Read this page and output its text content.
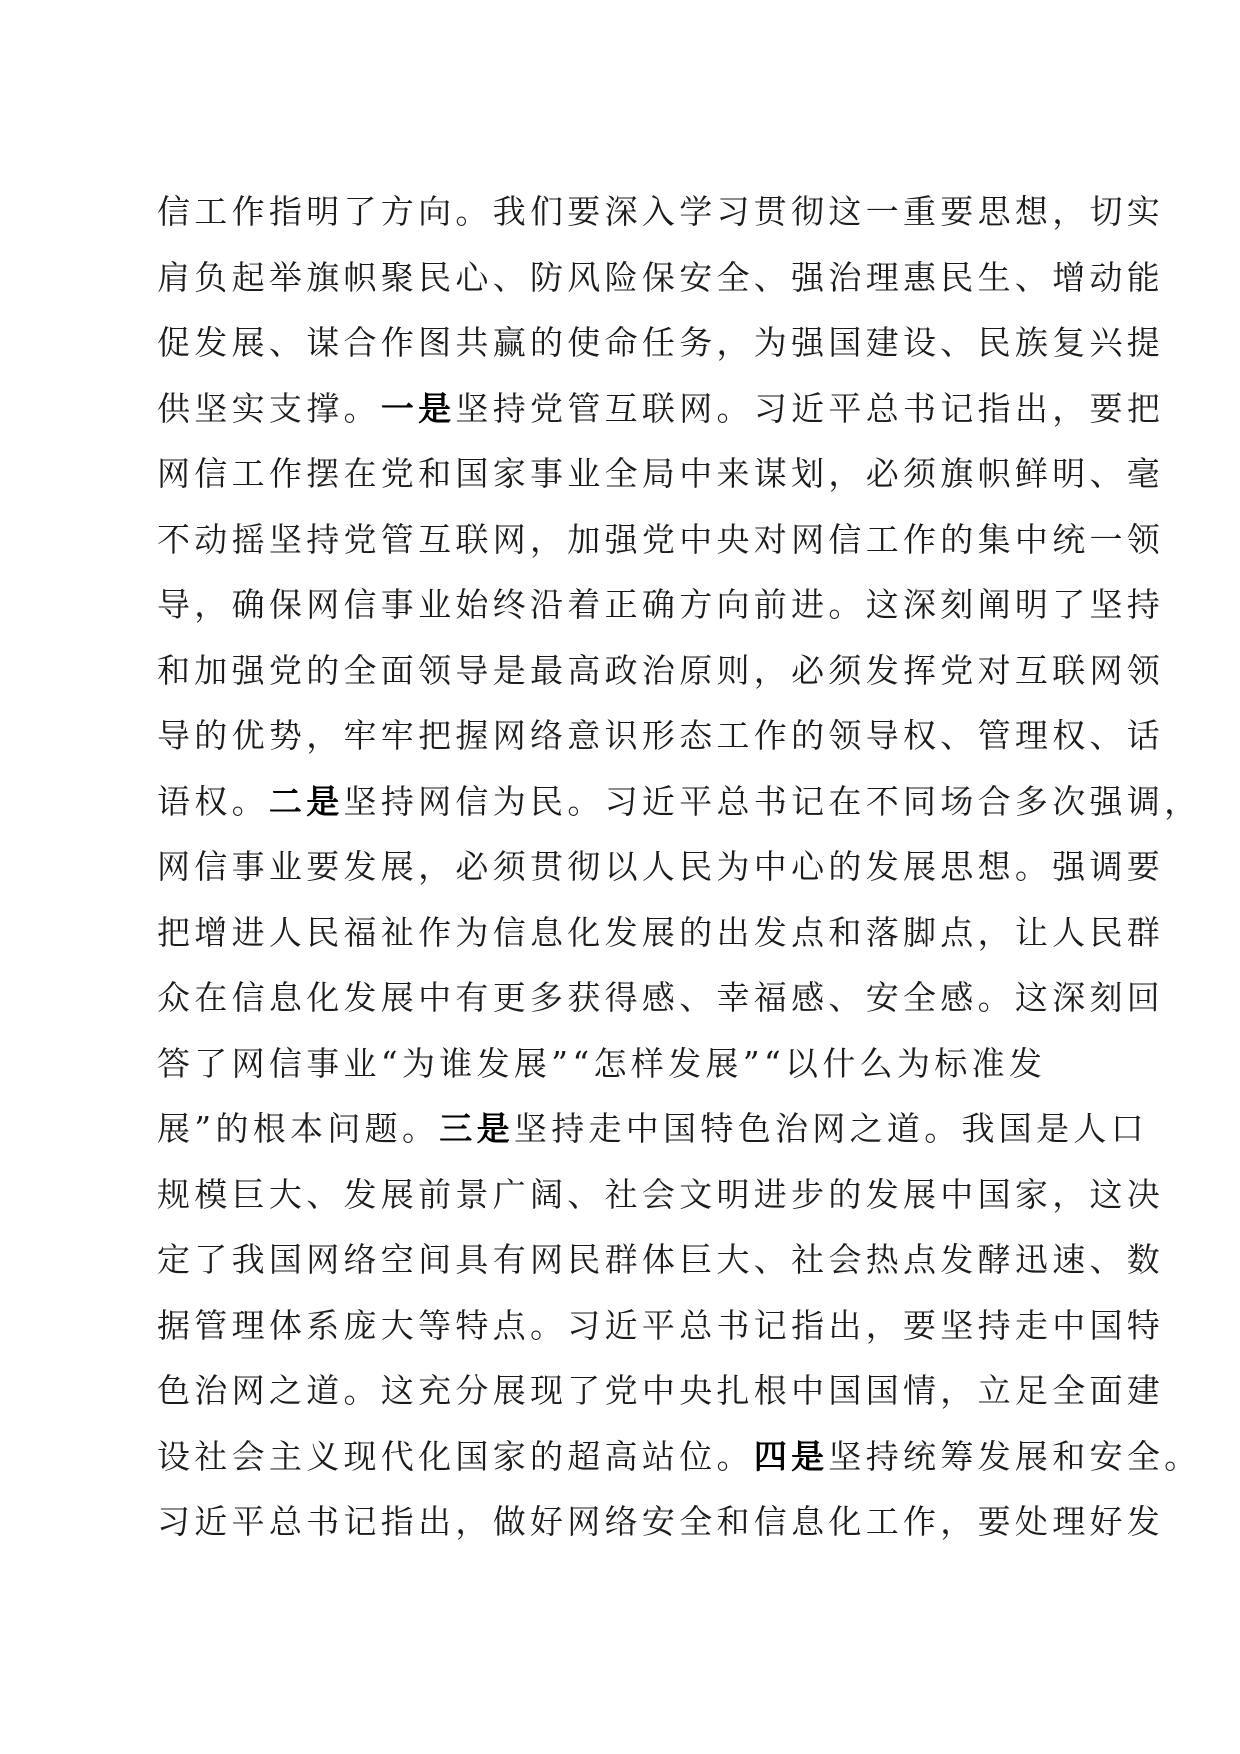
信工作指明了方向。我们要深入学习贯彻这一重要思想，切实
肩负起举旗帜聚民心、防风险保安全、强治理惠民生、增动能
促发展、谋合作图共赢的使命任务，为强国建设、民族复兴提
供坚实支撑。一是坚持党管互联网。习近平总书记指出，要把
网信工作摆在党和国家事业全局中来谋划，必须旗帜鲜明、毫
不动摇坚持党管互联网，加强党中央对网信工作的集中统一领
导，确保网信事业始终沿着正确方向前进。这深刻阐明了坚持
和加强党的全面领导是最高政治原则，必须发挥党对互联网领
导的优势，牢牢把握网络意识形态工作的领导权、管理权、话
语权。二是坚持网信为民。习近平总书记在不同场合多次强调，
网信事业要发展，必须贯彻以人民为中心的发展思想。强调要
把增进人民福祉作为信息化发展的出发点和落脚点，让人民群
众在信息化发展中有更多获得感、幸福感、安全感。这深刻回
答了网信事业“为谁发展”“怎样发展”“以什么为标准发
展”的根本问题。三是坚持走中国特色治网之道。我国是人口
规模巨大、发展前景广阔、社会文明进步的发展中国家，这决
定了我国网络空间具有网民群体巨大、社会热点发酵迅速、数
据管理体系庞大等特点。习近平总书记指出，要坚持走中国特
色治网之道。这充分展现了党中央扎根中国国情，立足全面建
设社会主义现代化国家的超高站位。四是坚持统筹发展和安全。
习近平总书记指出，做好网络安全和信息化工作，要处理好发
